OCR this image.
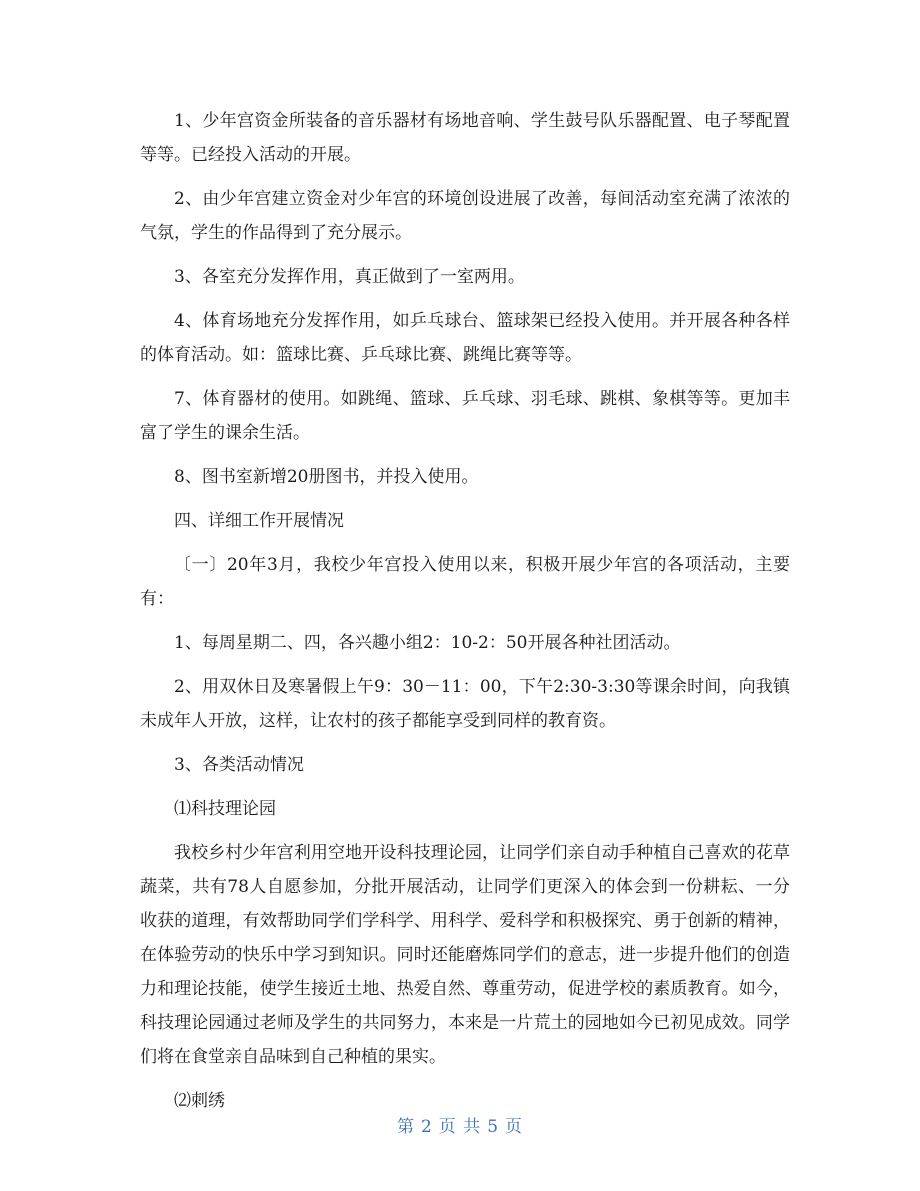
1、少年宫资金所装备的音乐器材有场地音响、学生鼓号队乐器配置、电子琴配置等等。已经投入活动的开展。

2、由少年宫建立资金对少年宫的环境创设进展了改善，每间活动室充满了浓浓的气氛，学生的作品得到了充分展示。

3、各室充分发挥作用，真正做到了一室两用。

4、体育场地充分发挥作用，如乒乓球台、篮球架已经投入使用。并开展各种各样的体育活动。如：篮球比赛、乒乓球比赛、跳绳比赛等等。

7、体育器材的使用。如跳绳、篮球、乒乓球、羽毛球、跳棋、象棋等等。更加丰富了学生的课余生活。

8、图书室新增20册图书，并投入使用。

四、详细工作开展情况

〔一〕20年3月，我校少年宫投入使用以来，积极开展少年宫的各项活动，主要有：

1、每周星期二、四，各兴趣小组2：10-2：50开展各种社团活动。

2、用双休日及寒暑假上午9：30－11：00，下午2:30-3:30等课余时间，向我镇未成年人开放，这样，让农村的孩子都能享受到同样的教育资。

3、各类活动情况

⑴科技理论园

我校乡村少年宫利用空地开设科技理论园，让同学们亲自动手种植自己喜欢的花草蔬菜，共有78人自愿参加，分批开展活动，让同学们更深入的体会到一份耕耘、一分收获的道理，有效帮助同学们学科学、用科学、爱科学和积极探究、勇于创新的精神，在体验劳动的快乐中学习到知识。同时还能磨炼同学们的意志，进一步提升他们的创造力和理论技能，使学生接近土地、热爱自然、尊重劳动，促进学校的素质教育。如今，科技理论园通过老师及学生的共同努力，本来是一片荒土的园地如今已初见成效。同学们将在食堂亲自品味到自己种植的果实。

⑵刺绣

第 2 页 共 5 页
